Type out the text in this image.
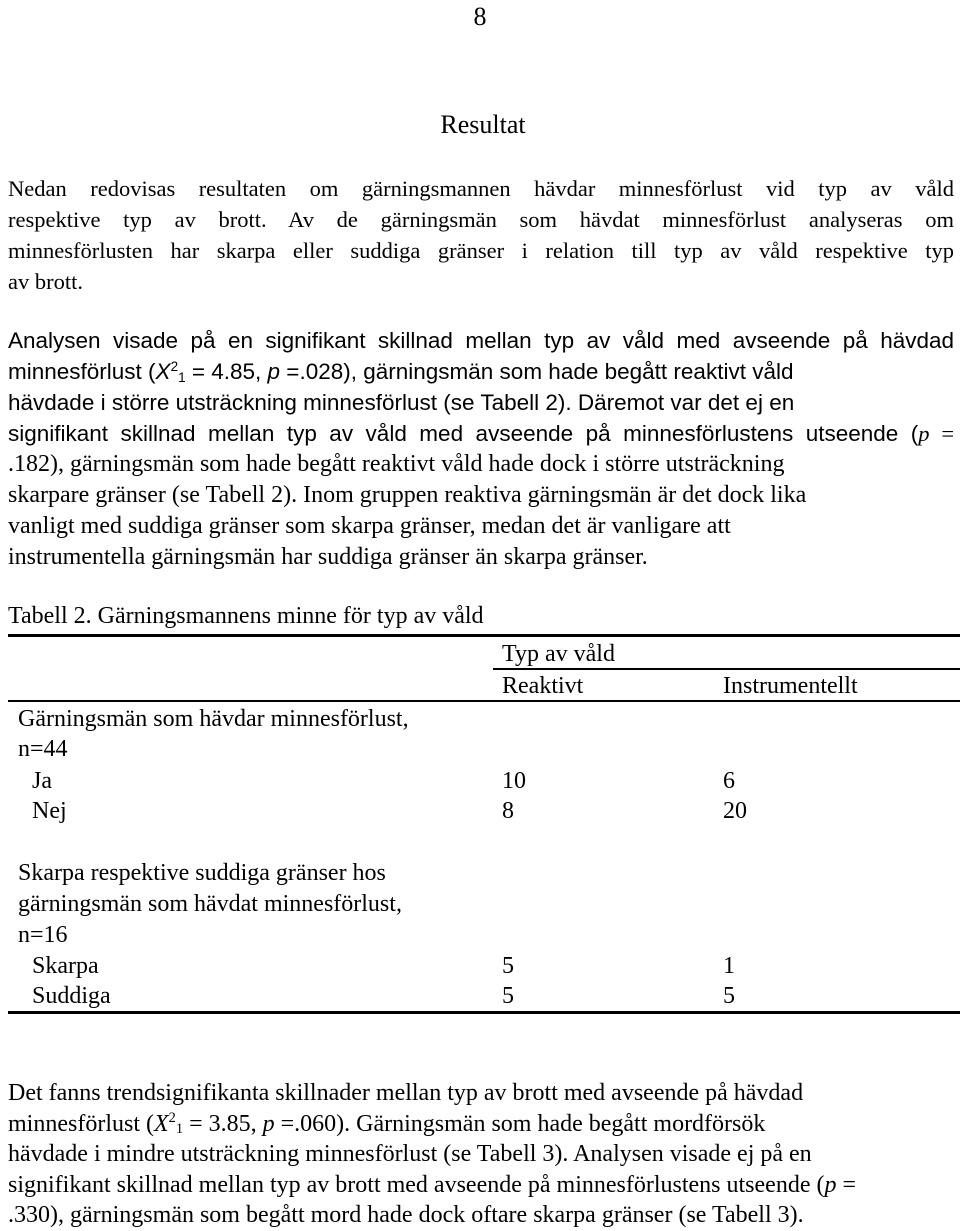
8
Resultat

Nedan redovisas resultaten om gärningsmannen hävdar minnesförlust vid typ av våld
respektive typ av brott. Av de gärningsmän som hävdat minnesförlust analyseras om
minnesförlusten har skarpa eller suddiga gränser i relation till typ av våld respektive typ
av brott.

Analysen visade på en signifikant skillnad mellan typ av våld med avseende på hävdad
minnesförlust ($X^2_1 = 4.85$, p =.028), gärningsmän som hade begått reaktivt våld
hävdade i större utsträckning minnesförlust (se Tabell 2). Däremot var det ej en
signifikant skillnad mellan typ av våld med avseende på minnesförlustens utseende (p =
.182), gärningsmän som hade begått reaktivt våld hade dock i större utsträckning
skarpare gränser (se Tabell 2). Inom gruppen reaktiva gärningsmän är det dock lika
vanligt med suddiga gränser som skarpa gränser, medan det är vanligare att
instrumentella gärningsmän har suddiga gränser än skarpa gränser.
Tabell 2. Gärningsmannens minne för typ av våld
Typ av våld
Reaktivt	Instrumentellt
Gärningsmän som hävdar minnesförlust,
n=44
Ja	10	6
Nej	8	20
Skarpa respektive suddiga gränser hos
gärningsmän som hävdat minnesförlust,
n=16
Skarpa	5	1
Suddiga	5	5
Det fanns trendsignifikanta skillnader mellan typ av brott med avseende på hävdad
minnesförlust ($X^2_1 = 3.85$, p =.060). Gärningsmän som hade begått mordförsök
hävdade i mindre utsträckning minnesförlust (se Tabell 3). Analysen visade ej på en
signifikant skillnad mellan typ av brott med avseende på minnesförlustens utseende (p =
.330), gärningsmän som begått mord hade dock oftare skarpa gränser (se Tabell 3).
